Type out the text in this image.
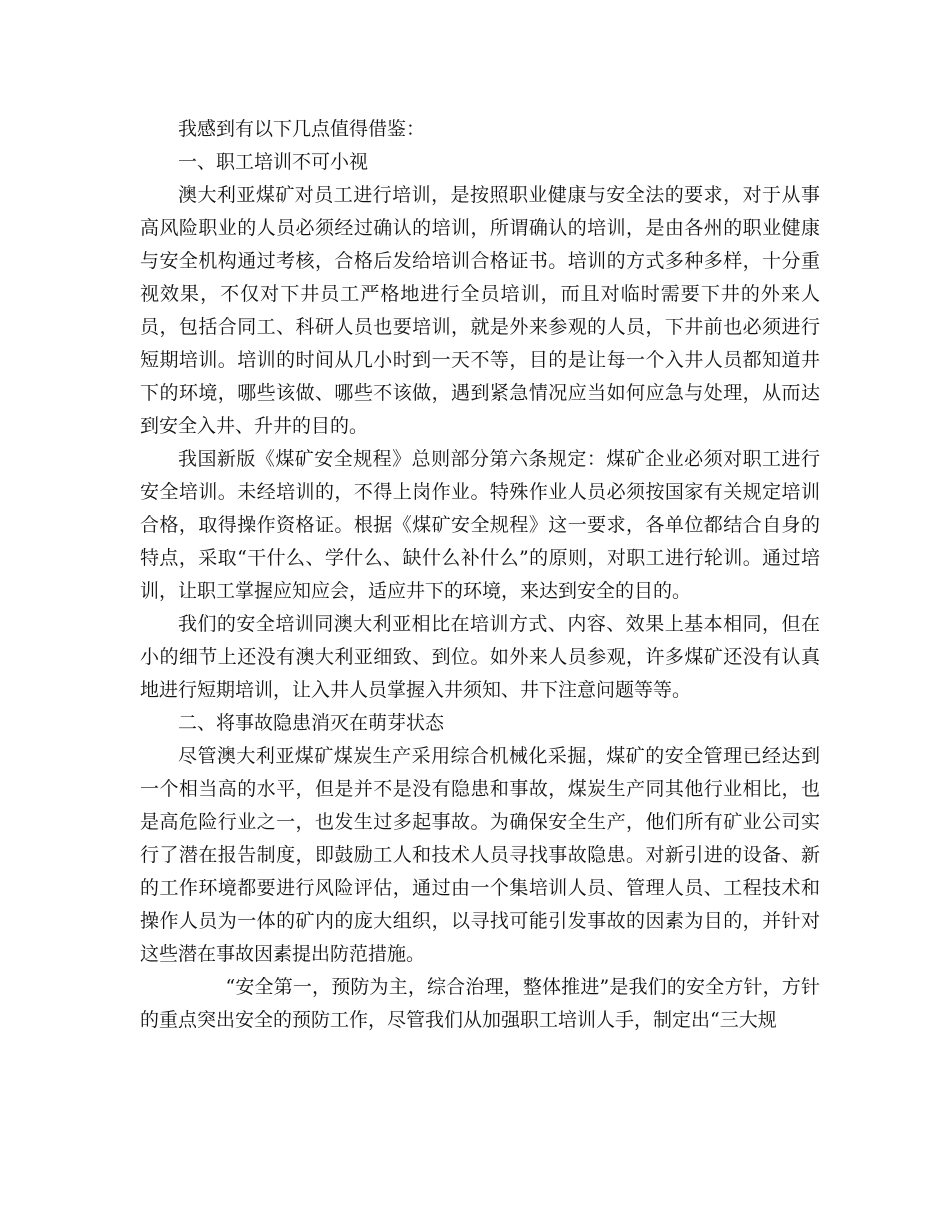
我感到有以下几点值得借鉴：

一、职工培训不可小视

澳大利亚煤矿对员工进行培训，是按照职业健康与安全法的要求，对于从事高风险职业的人员必须经过确认的培训，所谓确认的培训，是由各州的职业健康与安全机构通过考核，合格后发给培训合格证书。培训的方式多种多样，十分重视效果，不仅对下井员工严格地进行全员培训，而且对临时需要下井的外来人员，包括合同工、科研人员也要培训，就是外来参观的人员，下井前也必须进行短期培训。培训的时间从几小时到一天不等，目的是让每一个入井人员都知道井下的环境，哪些该做、哪些不该做，遇到紧急情况应当如何应急与处理，从而达到安全入井、升井的目的。

我国新版《煤矿安全规程》总则部分第六条规定：煤矿企业必须对职工进行安全培训。未经培训的，不得上岗作业。特殊作业人员必须按国家有关规定培训合格，取得操作资格证。根据《煤矿安全规程》这一要求，各单位都结合自身的特点，采取“干什么、学什么、缺什么补什么”的原则，对职工进行轮训。通过培训，让职工掌握应知应会，适应井下的环境，来达到安全的目的。

我们的安全培训同澳大利亚相比在培训方式、内容、效果上基本相同，但在小的细节上还没有澳大利亚细致、到位。如外来人员参观，许多煤矿还没有认真地进行短期培训，让入井人员掌握入井须知、井下注意问题等等。

二、将事故隐患消灭在萌芽状态

尽管澳大利亚煤矿煤炭生产采用综合机械化采掘，煤矿的安全管理已经达到一个相当高的水平，但是并不是没有隐患和事故，煤炭生产同其他行业相比，也是高危险行业之一，也发生过多起事故。为确保安全生产，他们所有矿业公司实行了潜在报告制度，即鼓励工人和技术人员寻找事故隐患。对新引进的设备、新的工作环境都要进行风险评估，通过由一个集培训人员、管理人员、工程技术和操作人员为一体的矿内的庞大组织，以寻找可能引发事故的因素为目的，并针对这些潜在事故因素提出防范措施。

“安全第一，预防为主，综合治理，整体推进”是我们的安全方针，方针的重点突出安全的预防工作，尽管我们从加强职工培训人手，制定出“三大规
